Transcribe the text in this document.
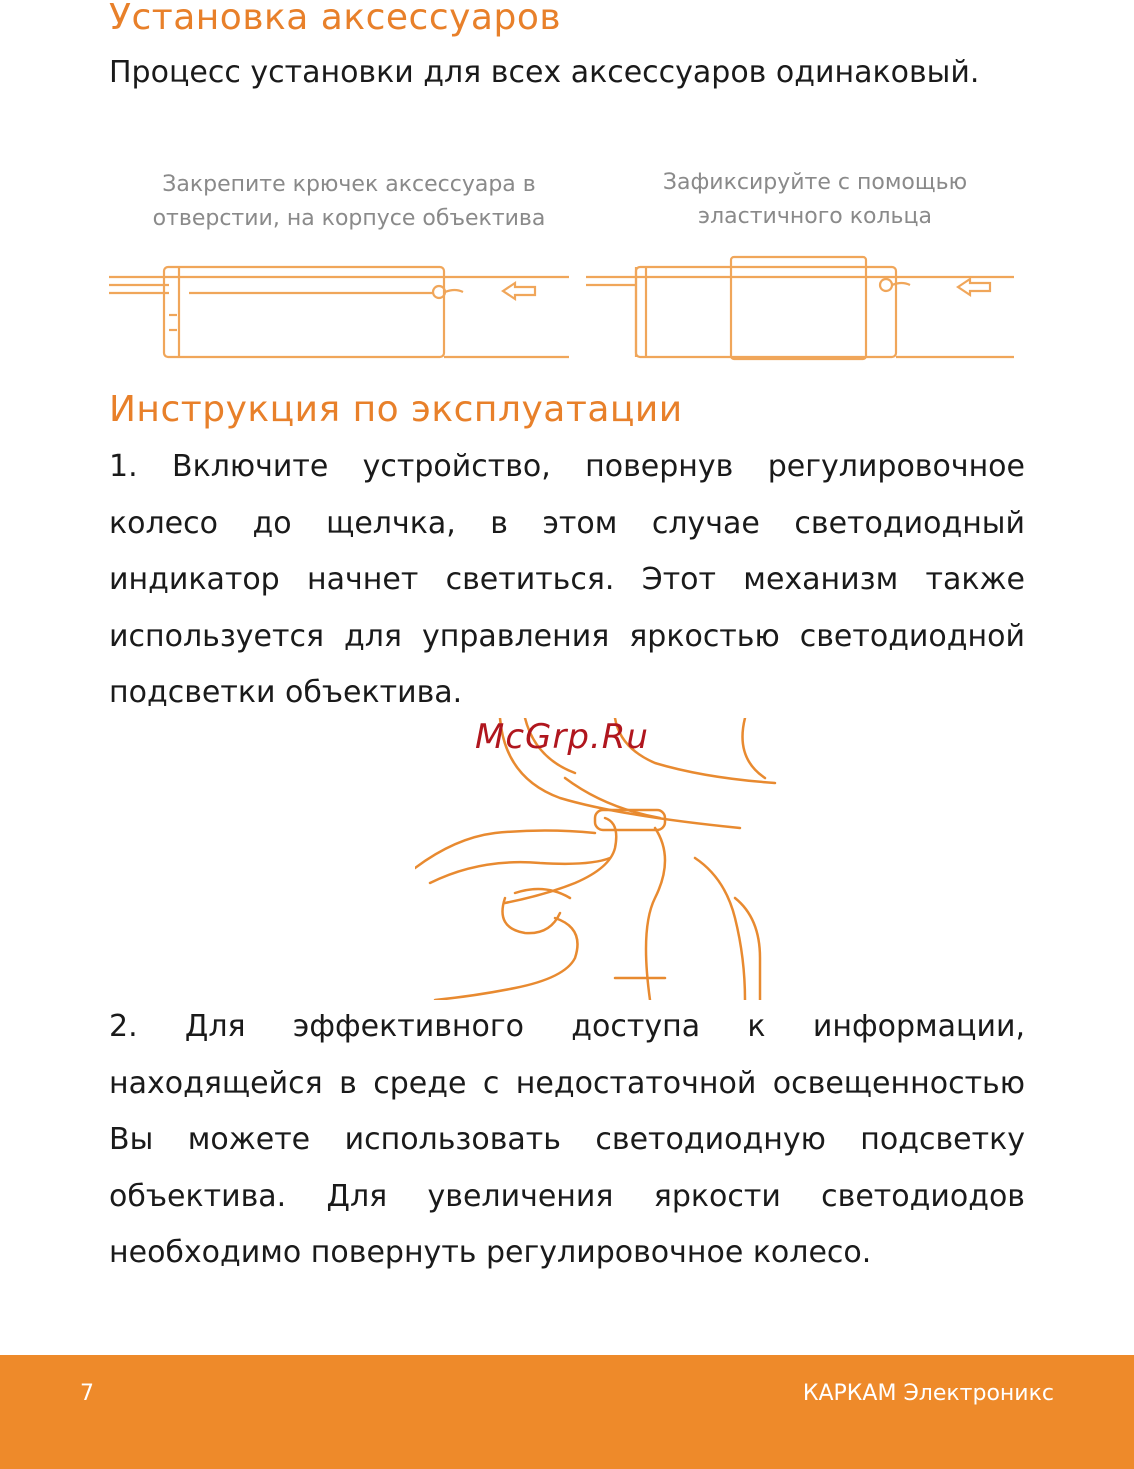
Установка аксессуаров

Процесс установки для всех аксессуаров одинаковый.

Закрепите крючек аксессуара в
отверстии, на корпусе объектива
Зафиксируйте с помощью
эластичного кольца
Инструкция по эксплуатации

1. Включите устройство, повернув регулировочное колесо до щелчка, в этом случае светодиодный индикатор начнет светиться. Этот механизм также используется для управления яркостью светодиодной подсветки объектива.

McGrp.Ru

2. Для эффективного доступа к информации, находящейся в среде с недостаточной освещенностью Вы можете использовать светодиодную подсветку объектива. Для увеличения яркости светодиодов необходимо повернуть регулировочное колесо.

7	КАРКАМ Электроникс
